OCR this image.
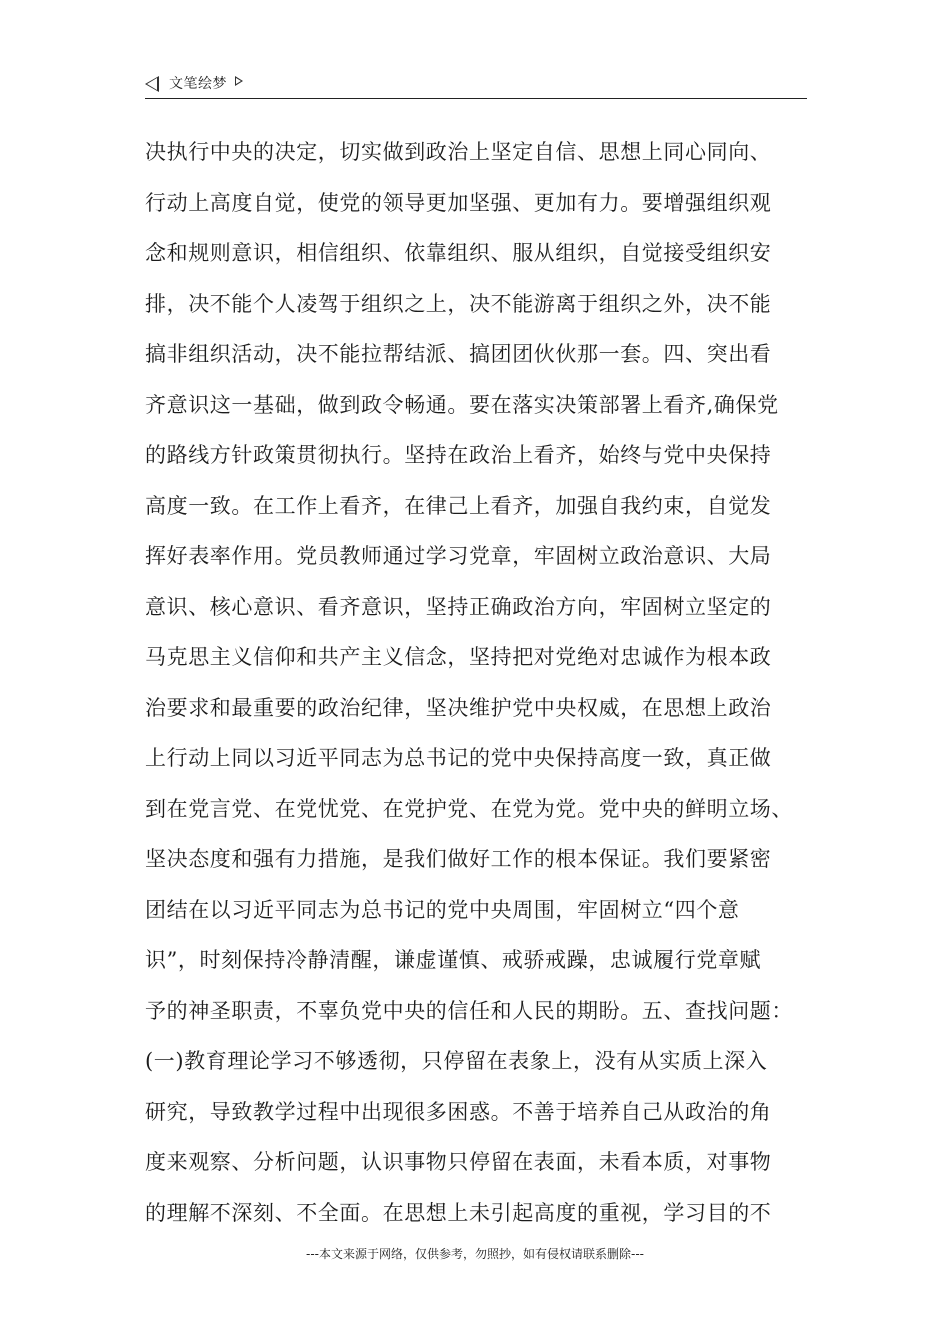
文笔绘梦
决执行中央的决定，切实做到政治上坚定自信、思想上同心同向、
行动上高度自觉，使党的领导更加坚强、更加有力。要增强组织观
念和规则意识，相信组织、依靠组织、服从组织，自觉接受组织安
排，决不能个人凌驾于组织之上，决不能游离于组织之外，决不能
搞非组织活动，决不能拉帮结派、搞团团伙伙那一套。四、突出看
齐意识这一基础，做到政令畅通。要在落实决策部署上看齐,确保党
的路线方针政策贯彻执行。坚持在政治上看齐，始终与党中央保持
高度一致。在工作上看齐，在律己上看齐，加强自我约束，自觉发
挥好表率作用。党员教师通过学习党章，牢固树立政治意识、大局
意识、核心意识、看齐意识，坚持正确政治方向，牢固树立坚定的
马克思主义信仰和共产主义信念，坚持把对党绝对忠诚作为根本政
治要求和最重要的政治纪律，坚决维护党中央权威，在思想上政治
上行动上同以习近平同志为总书记的党中央保持高度一致，真正做
到在党言党、在党忧党、在党护党、在党为党。党中央的鲜明立场、
坚决态度和强有力措施，是我们做好工作的根本保证。我们要紧密
团结在以习近平同志为总书记的党中央周围，牢固树立“四个意
识”，时刻保持冷静清醒，谦虚谨慎、戒骄戒躁，忠诚履行党章赋
予的神圣职责，不辜负党中央的信任和人民的期盼。五、查找问题：
(一)教育理论学习不够透彻，只停留在表象上，没有从实质上深入
研究，导致教学过程中出现很多困惑。不善于培养自己从政治的角
度来观察、分析问题，认识事物只停留在表面，未看本质，对事物
的理解不深刻、不全面。在思想上未引起高度的重视，学习目的不
---本文来源于网络，仅供参考，勿照抄，如有侵权请联系删除---
